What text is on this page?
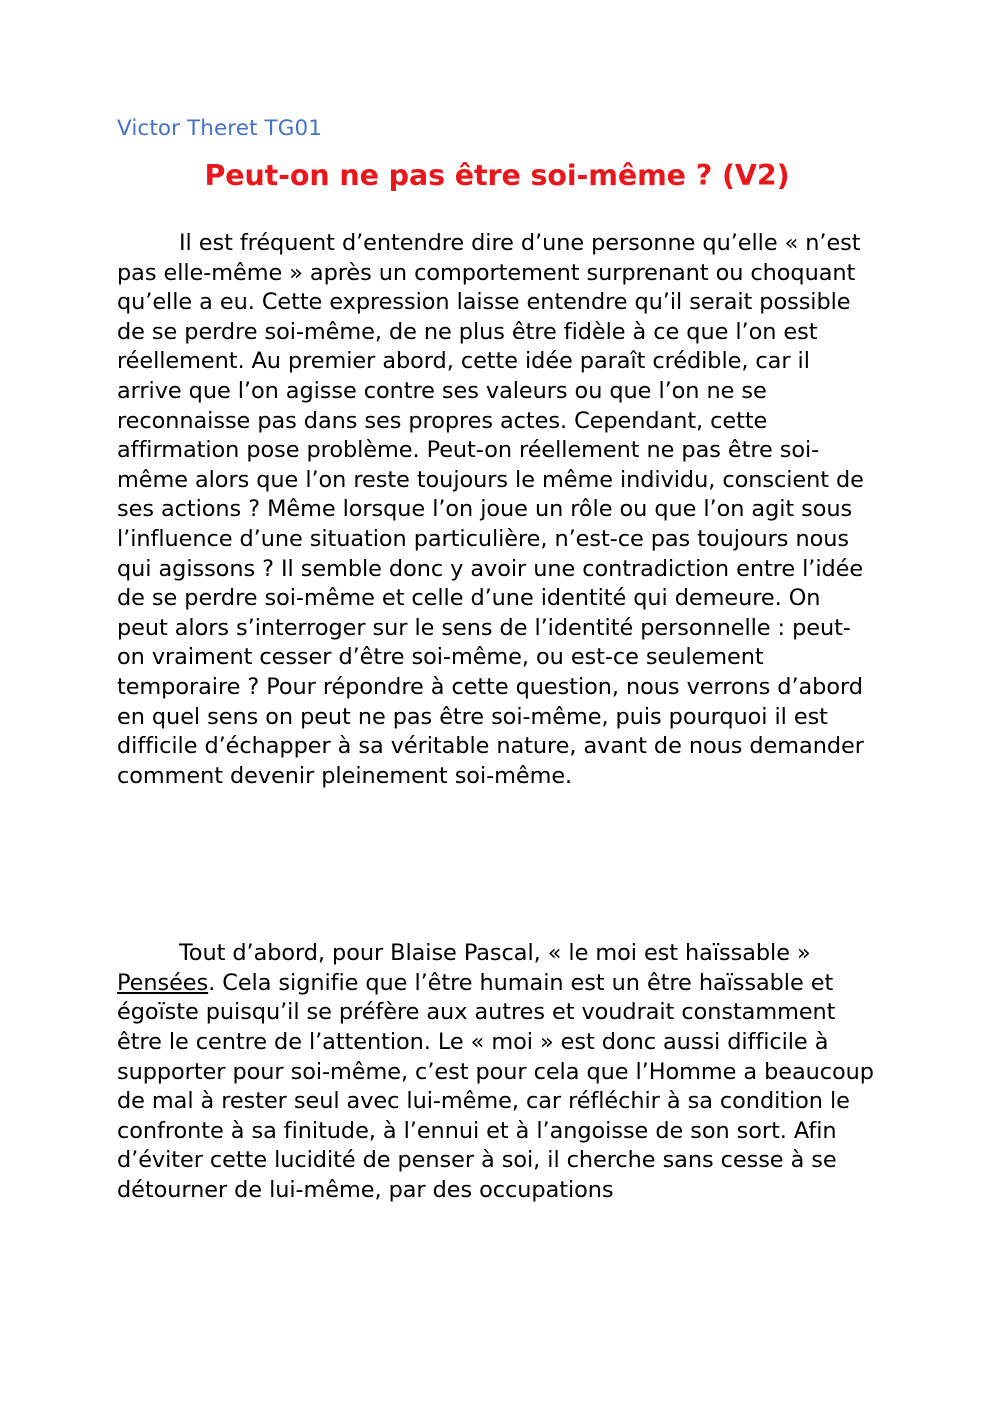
Victor Theret TG01

Peut-on ne pas être soi-même ? (V2)

Il est fréquent d’entendre dire d’une personne qu’elle « n’est pas elle-même » après un comportement surprenant ou choquant qu’elle a eu. Cette expression laisse entendre qu’il serait possible de se perdre soi-même, de ne plus être fidèle à ce que l’on est réellement. Au premier abord, cette idée paraît crédible, car il arrive que l’on agisse contre ses valeurs ou que l’on ne se reconnaisse pas dans ses propres actes. Cependant, cette affirmation pose problème. Peut-on réellement ne pas être soi-même alors que l’on reste toujours le même individu, conscient de ses actions ? Même lorsque l’on joue un rôle ou que l’on agit sous l’influence d’une situation particulière, n’est-ce pas toujours nous qui agissons ? Il semble donc y avoir une contradiction entre l’idée de se perdre soi-même et celle d’une identité qui demeure. On peut alors s’interroger sur le sens de l’identité personnelle : peut-on vraiment cesser d’être soi-même, ou est-ce seulement temporaire ? Pour répondre à cette question, nous verrons d’abord en quel sens on peut ne pas être soi-même, puis pourquoi il est difficile d’échapper à sa véritable nature, avant de nous demander comment devenir pleinement soi-même.

Tout d’abord, pour Blaise Pascal, « le moi est haïssable » Pensées. Cela signifie que l’être humain est un être haïssable et égoïste puisqu’il se préfère aux autres et voudrait constamment être le centre de l’attention. Le « moi » est donc aussi difficile à supporter pour soi-même, c’est pour cela que l’Homme a beaucoup de mal à rester seul avec lui-même, car réfléchir à sa condition le confronte à sa finitude, à l’ennui et à l’angoisse de son sort. Afin d’éviter cette lucidité de penser à soi, il cherche sans cesse à se détourner de lui-même, par des occupations
